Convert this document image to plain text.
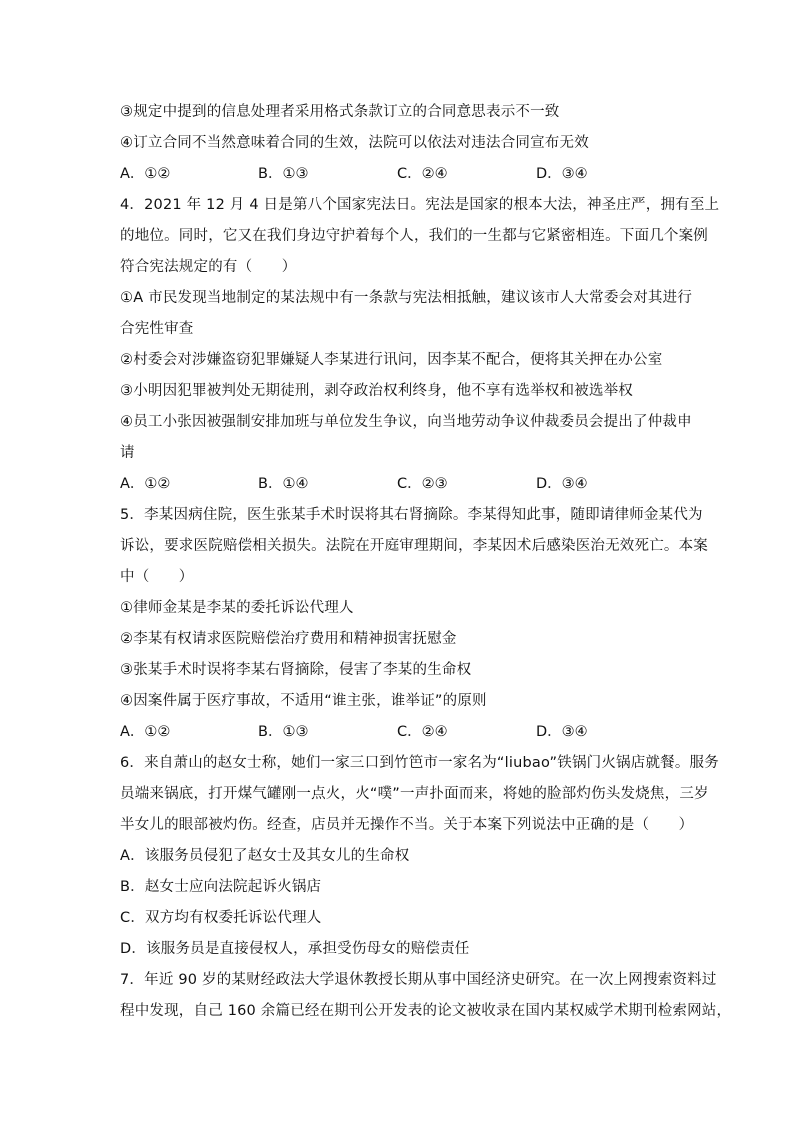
③规定中提到的信息处理者采用格式条款订立的合同意思表示不一致
④订立合同不当然意味着合同的生效，法院可以依法对违法合同宣布无效
A．①②	B．①③	C．②④	D．③④
4．2021 年 12 月 4 日是第八个国家宪法日。宪法是国家的根本大法，神圣庄严，拥有至上
的地位。同时，它又在我们身边守护着每个人，我们的一生都与它紧密相连。下面几个案例
符合宪法规定的有（　　）
①A 市民发现当地制定的某法规中有一条款与宪法相抵触，建议该市人大常委会对其进行
合宪性审查
②村委会对涉嫌盗窃犯罪嫌疑人李某进行讯问，因李某不配合，便将其关押在办公室
③小明因犯罪被判处无期徒刑，剥夺政治权利终身，他不享有选举权和被选举权
④员工小张因被强制安排加班与单位发生争议，向当地劳动争议仲裁委员会提出了仲裁申
请
A．①②	B．①④	C．②③	D．③④
5．李某因病住院，医生张某手术时误将其右肾摘除。李某得知此事，随即请律师金某代为
诉讼，要求医院赔偿相关损失。法院在开庭审理期间，李某因术后感染医治无效死亡。本案
中（　　）
①律师金某是李某的委托诉讼代理人
②李某有权请求医院赔偿治疗费用和精神损害抚慰金
③张某手术时误将李某右肾摘除，侵害了李某的生命权
④因案件属于医疗事故，不适用“谁主张，谁举证”的原则
A．①②	B．①③	C．②④	D．③④
6．来自萧山的赵女士称，她们一家三口到竹笆市一家名为“liubao”铁锅门火锅店就餐。服务
员端来锅底，打开煤气罐刚一点火，火“噗”一声扑面而来，将她的脸部灼伤头发烧焦，三岁
半女儿的眼部被灼伤。经查，店员并无操作不当。关于本案下列说法中正确的是（　　）
A．该服务员侵犯了赵女士及其女儿的生命权
B．赵女士应向法院起诉火锅店
C．双方均有权委托诉讼代理人
D．该服务员是直接侵权人，承担受伤母女的赔偿责任
7．年近 90 岁的某财经政法大学退休教授长期从事中国经济史研究。在一次上网搜索资料过
程中发现，自己 160 余篇已经在期刊公开发表的论文被收录在国内某权威学术期刊检索网站，
